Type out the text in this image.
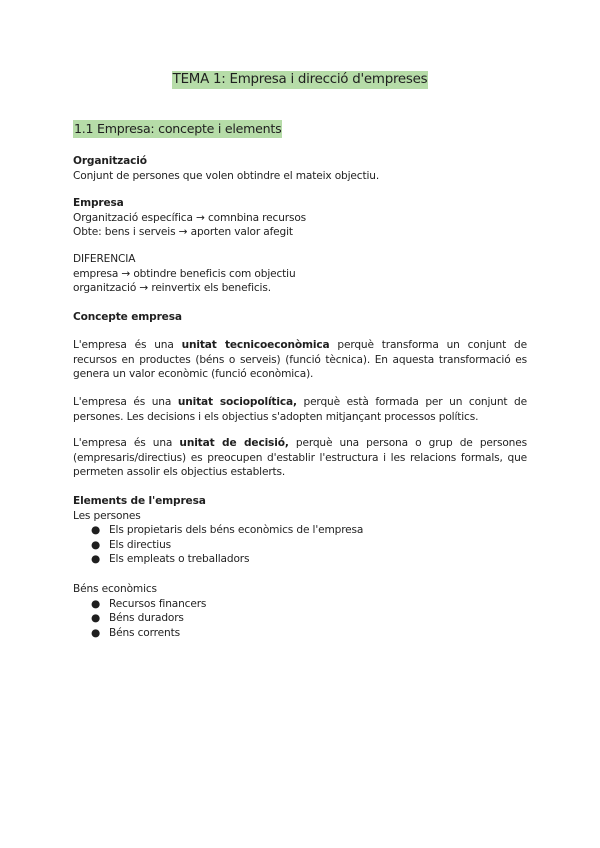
TEMA 1: Empresa i direcció d'empreses
1.1 Empresa: concepte i elements
Organització
Conjunt de persones que volen obtindre el mateix objectiu.
Empresa
Organització específica → comnbina recursos
Obte: bens i serveis → aporten valor afegit
DIFERENCIA
empresa → obtindre beneficis com objectiu
organització → reinvertix els beneficis.
Concepte empresa
L'empresa és una unitat tecnicoeconòmica perquè transforma un conjunt de recursos en productes (béns o serveis) (funció tècnica). En aquesta transformació es genera un valor econòmic (funció econòmica).
L'empresa és una unitat sociopolítica, perquè està formada per un conjunt de persones. Les decisions i els objectius s'adopten mitjançant processos polítics.
L'empresa és una unitat de decisió, perquè una persona o grup de persones (empresaris/directius) es preocupen d'establir l'estructura i les relacions formals, que permeten assolir els objectius establerts.
Elements de l'empresa
Les persones
● Els propietaris dels béns econòmics de l'empresa
● Els directius
● Els empleats o treballadors
Béns econòmics
● Recursos financers
● Béns duradors
● Béns corrents
